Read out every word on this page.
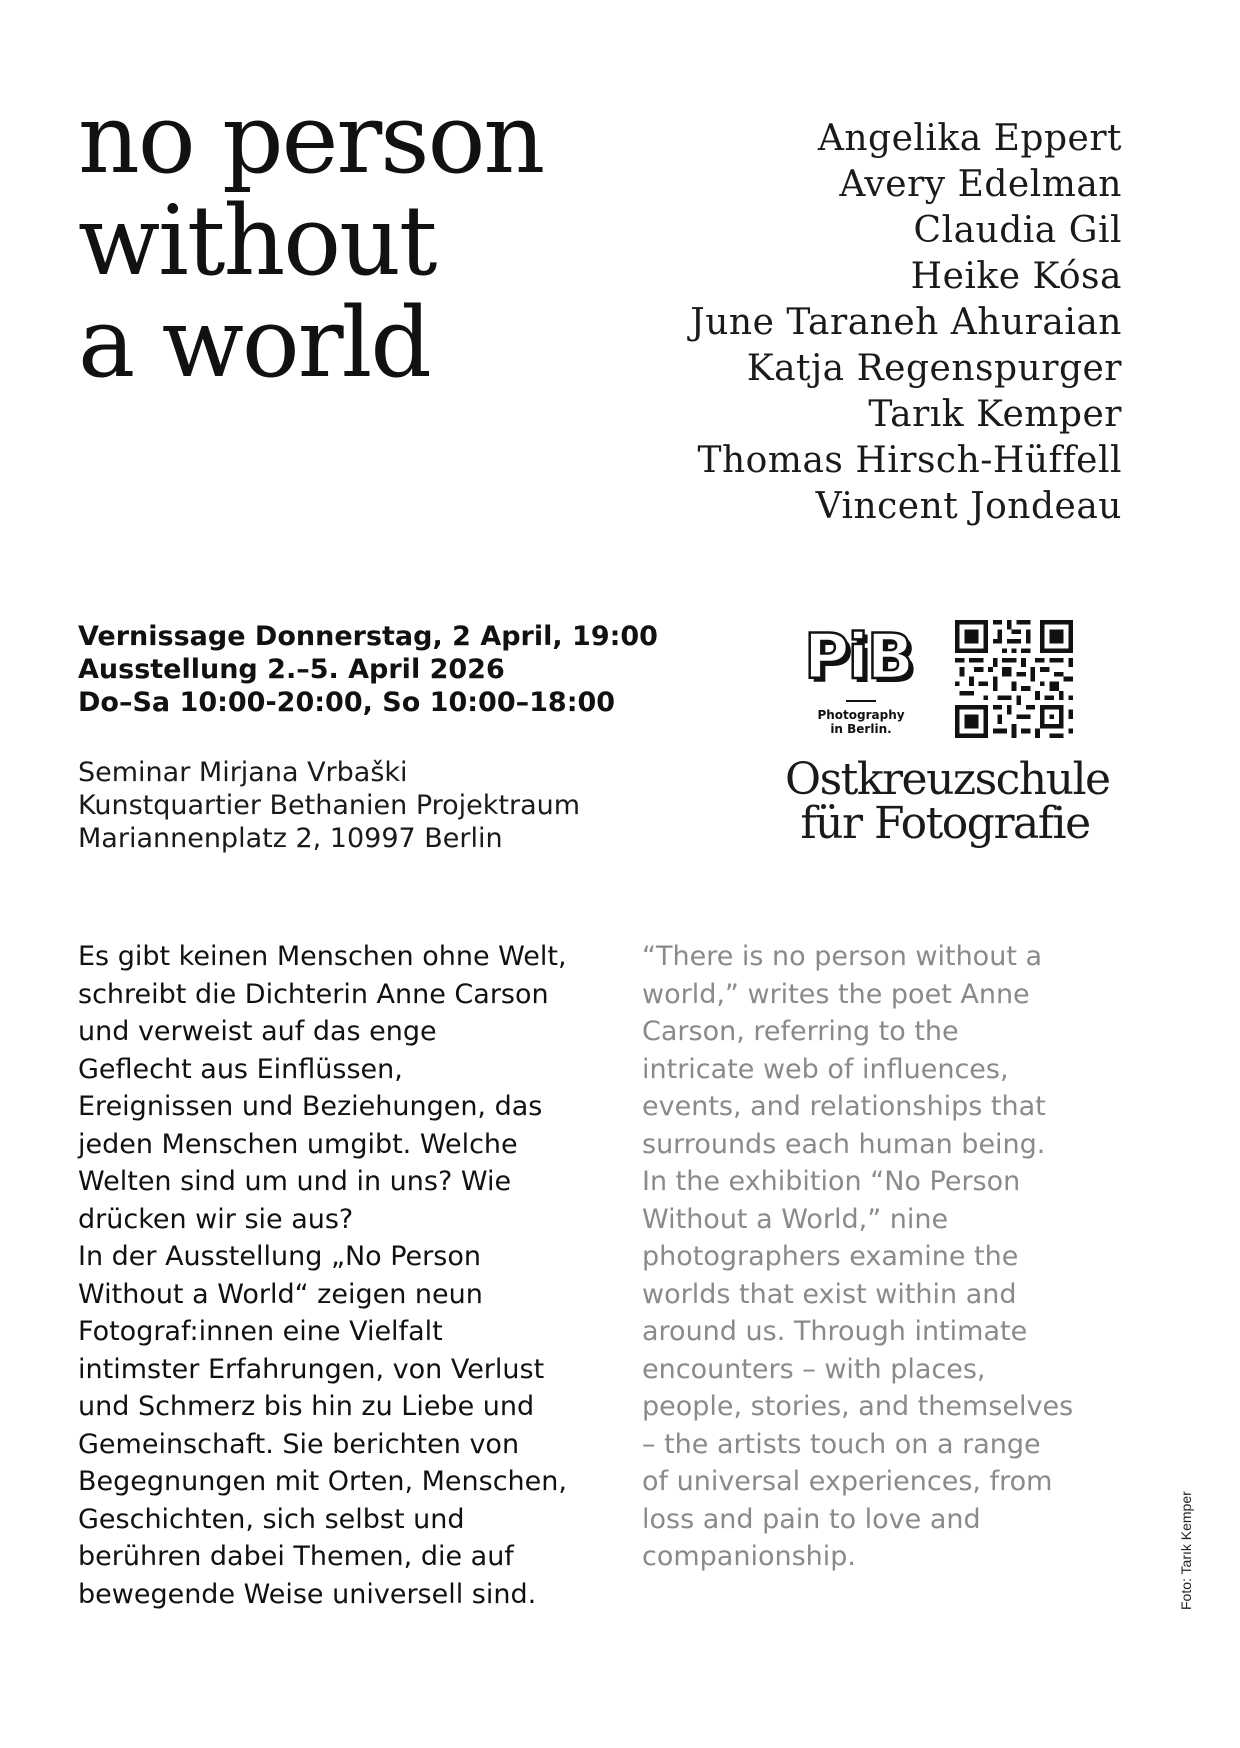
no person
without
a world
Angelika Eppert
Avery Edelman
Claudia Gil
Heike Kósa
June Taraneh Ahuraian
Katja Regenspurger
Tarık Kemper
Thomas Hirsch-Hüffell
Vincent Jondeau
Vernissage Donnerstag, 2 April, 19:00
Ausstellung 2.–5. April 2026
Do–Sa 10:00-20:00, So 10:00–18:00
Seminar Mirjana Vrbaški
Kunstquartier Bethanien Projektraum
Mariannenplatz 2, 10997 Berlin
PiB
Photography
in Berlin.
Ostkreuzschule
für Fotografie
Es gibt keinen Menschen ohne Welt,
schreibt die Dichterin Anne Carson
und verweist auf das enge
Geflecht aus Einflüssen,
Ereignissen und Beziehungen, das
jeden Menschen umgibt. Welche
Welten sind um und in uns? Wie
drücken wir sie aus?
In der Ausstellung „No Person
Without a World“ zeigen neun
Fotograf:innen eine Vielfalt
intimster Erfahrungen, von Verlust
und Schmerz bis hin zu Liebe und
Gemeinschaft. Sie berichten von
Begegnungen mit Orten, Menschen,
Geschichten, sich selbst und
berühren dabei Themen, die auf
bewegende Weise universell sind.
“There is no person without a
world,” writes the poet Anne
Carson, referring to the
intricate web of influences,
events, and relationships that
surrounds each human being.
In the exhibition “No Person
Without a World,” nine
photographers examine the
worlds that exist within and
around us. Through intimate
encounters – with places,
people, stories, and themselves
– the artists touch on a range
of universal experiences, from
loss and pain to love and
companionship.	Foto: Tarık Kemper
